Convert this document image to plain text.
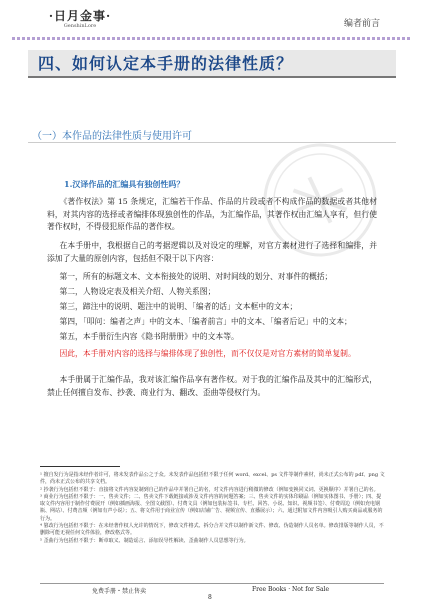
·日月金事·
GenshinLore	编者前言
四、如何认定本手册的法律性质？
（一）本作品的法律性质与使用许可
1.汉译作品的汇编具有独创性吗？
《著作权法》第 15 条规定，汇编若干作品、作品的片段或者不构成作品的数据或者其他材料，对其内容的选择或者编排体现独创性的作品，为汇编作品，其著作权由汇编人享有，但行使著作权时，不得侵犯原作品的著作权。
在本手册中，我根据自己的考据逻辑以及对设定的理解，对官方素材进行了选择和编排，并添加了大量的原创内容，包括但不限于以下内容：
第一，所有的标题文本、文本衔接处的说明、对时间线的划分、对事件的概括；
第二，人物设定表及相关介绍、人物关系图；
第三，蹄注中的说明、题注中的说明、「编者的话」文本框中的文本；
第四，「叩问：编者之声」中的文本、「编者前言」中的文本、「编者后记」中的文本；
第五，本手册衍生内容《隐书附册册》中的文本等。
因此，本手册对内容的选择与编排体现了独创性，而不仅仅是对官方素材的简单复制。
本手册属于汇编作品，我对该汇编作品享有著作权。对于我的汇编作品及其中的汇编形式，禁止任何擅自发布、抄袭、商业行为、翻改、歪曲等侵权行为。

¹ 擅自发行为是指未经作者许可，将未发表作品公之于众。未发表作品包括但不限于任何 word、excel、ps 文件等制作素材，尚未正式公布的 pdf、png 文件，尚未正式公布的共享文档。

² 抄袭行为包括但不限于：直接将文件内容复制到自己的作品中并署自己的名，对文件内容进行稍微的修改（例如变换同义词、更换顺序）并署自己的名。

³ 商业行为包括但不限于：一、售卖文件；二、售卖文件下载链接或涉及文件内容的问题答案；三、售卖文件的实体印刷品（例如实体图书、手册）；四、提取文件内容用于制作付费展开（例如插画海报、全图文截图）、付费文具（例如包装标签书、专栏、回答、小说、知识、视频书签）、付费周边（例如充电钢瓶、网站）、付费音频（例如有声小说）；五、将文件用于商业宣传（例如店铺广告、视频宣传、直播展示）；六、通过附加文件内容吸引人购买商品或服务的行为。

⁴ 篡改行为包括但不限于：在未经著作权人允许的情况下，修改文件格式、拆分合并文件以制作新文件、修改、伪造制作人员名单。修改排版等制作人员，不删除可能无视任何文件体验，修改格式等。

⁵ 歪曲行为包括但不限于：断章取义、制造谣言、添加误导性解读、歪曲制作人员思想等行为。

免费手册・禁止售卖	Free Books · Not for Sale
8
